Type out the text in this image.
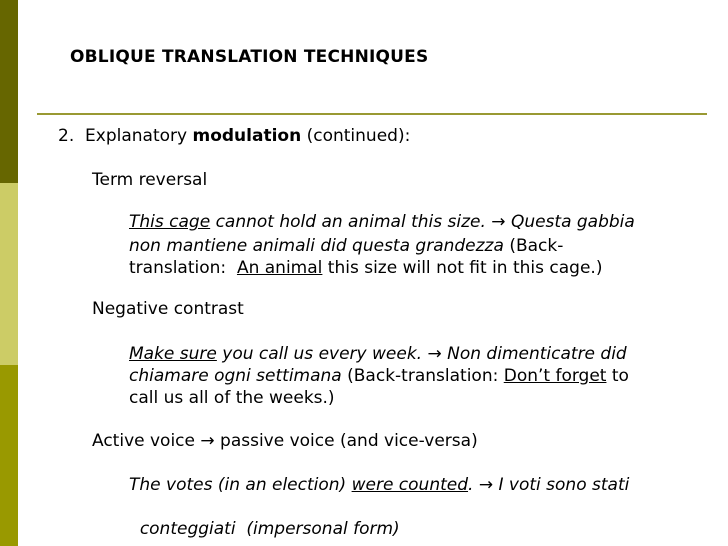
OBLIQUE TRANSLATION TECHNIQUES
2. Explanatory modulation (continued):
Term reversal
This cage cannot hold an animal this size. → Questa gabbia
non mantiene animali did questa grandezza (Back-
translation: An animal this size will not fit in this cage.)
Negative contrast
Make sure you call us every week. → Non dimenticatre did
chiamare ogni settimana (Back-translation: Don’t forget to
call us all of the weeks.)
Active voice → passive voice (and vice-versa)
The votes (in an election) were counted. → I voti sono stati

conteggiati  (impersonal form)
